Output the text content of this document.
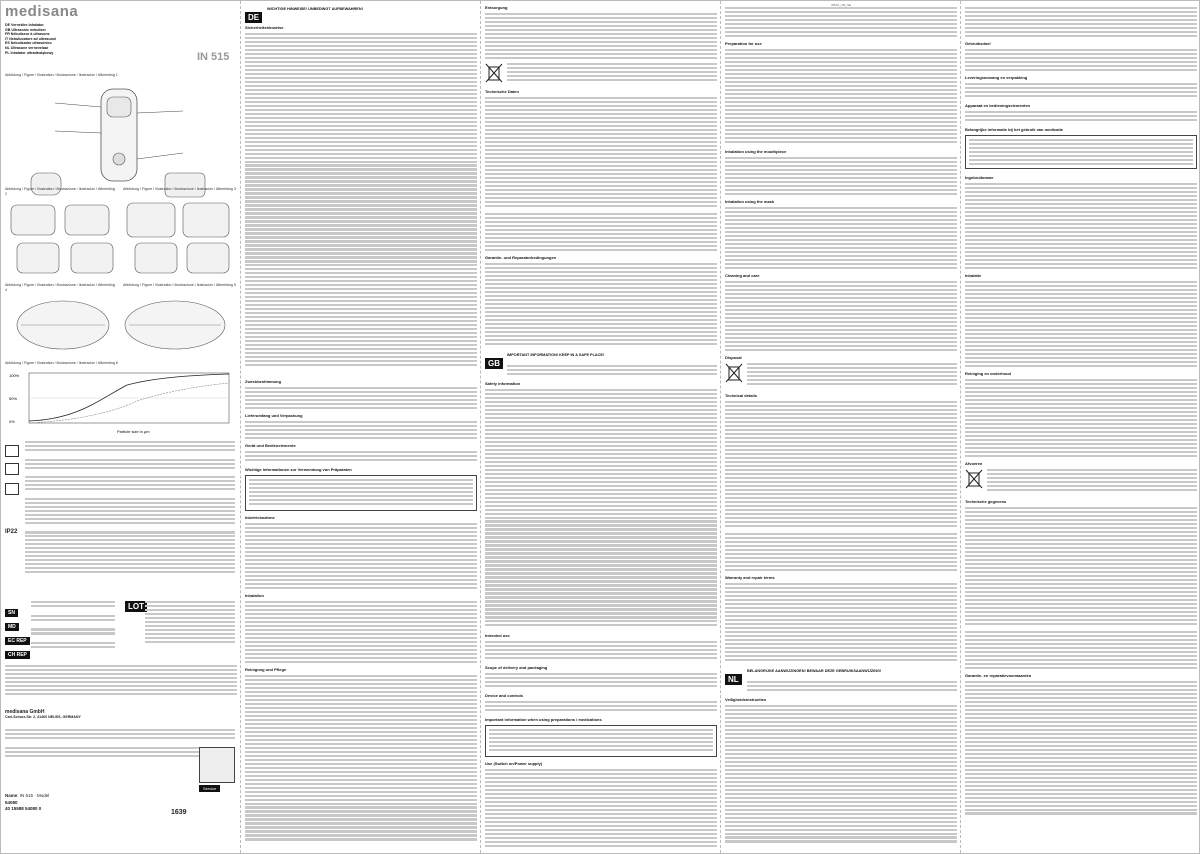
medisana
DE Vernebler-Inhalator
GB Ultrasonic nebuliser
FR Nébuliseur à ultrasons
IT Nebulizzatore ad ultrasuoni
ES Nebulizador ultrasónico
NL Ultrasone vernevelaar
PL Inhalator ultradźwiękowy	IN 515
Abbildung / Figure / Illustration / Illustrazione / Ilustración / Afbeelding 1
Abbildung / Figure / Illustration / Illustrazione / Ilustración / Afbeelding 2
Abbildung / Figure / Illustration / Illustrazione / Ilustración / Afbeelding 3
Abbildung / Figure / Illustration / Illustrazione / Ilustración / Afbeelding 4
Abbildung / Figure / Illustration / Illustrazione / Ilustración / Afbeelding 5
Abbildung / Figure / Illustration / Illustrazione / Ilustración / Afbeelding 6
100%
50%
0%
Particle size in µm
IP22
SN
LOT
MD
EC REP
CH REP
medisana GmbH
Carl-Schurz-Str. 2, 41460 NEUSS, GERMANY
Service
Name: IN 515 · Model
54080
40 15588 54080 0
1639
DE
WICHTIGE HINWEISE! UNBEDINGT AUFBEWAHREN!
Sicherheitshinweise
Zweckbestimmung
Lieferumfang und Verpackung
Gerät und Bedienelemente
Wichtige Informationen zur Verwendung von Präparaten
Inbetriebnahme
Inhalation
Reinigung und Pflege
Entsorgung
Technische Daten
Garantie- und Reparaturbedingungen
GB
IMPORTANT INFORMATION! KEEP IN A SAFE PLACE!
Safety information
Intended use
Scope of delivery and packaging
Device and controls
Important information when using preparations / medications
Use (Switch on/Power supply)
Preparation for use
Inhalation using the mouthpiece
Inhalation using the mask
Cleaning and care
Disposal
Technical details
Warranty and repair terms
NL
BELANGRIJKE AANWIJZINGEN! BEWAAR DEZE GEBRUIKSAANWIJZING!
Veiligheidsinstructies
Gebruiksdoel
Leveringsomvang en verpakking
Apparaat en bedieningselementen
Belangrijke informatie bij het gebruik van medicatie
Ingebruikname
Inhalatie
Reiniging en onderhoud
Afvoeren
Technische gegevens
Garantie- en reparatievoorwaarden
IN515_UM_SE
